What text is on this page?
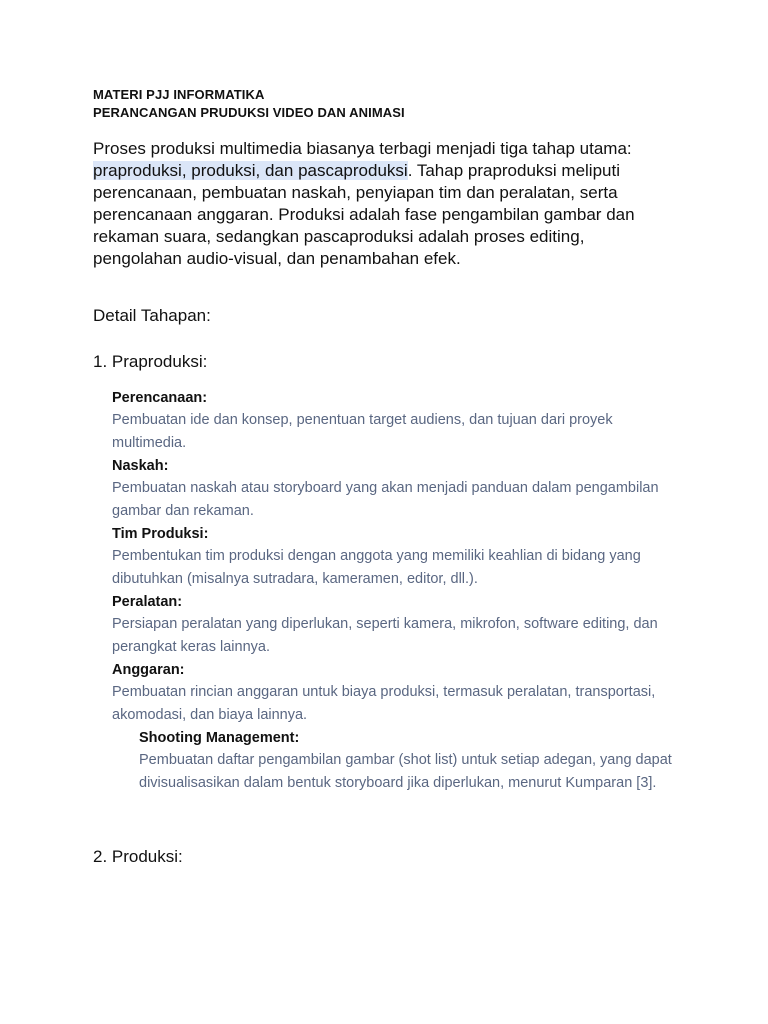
MATERI PJJ INFORMATIKA
PERANCANGAN PRUDUKSI VIDEO DAN ANIMASI
Proses produksi multimedia biasanya terbagi menjadi tiga tahap utama: praproduksi, produksi, dan pascaproduksi. Tahap praproduksi meliputi perencanaan, pembuatan naskah, penyiapan tim dan peralatan, serta perencanaan anggaran. Produksi adalah fase pengambilan gambar dan rekaman suara, sedangkan pascaproduksi adalah proses editing, pengolahan audio-visual, dan penambahan efek.
Detail Tahapan:
1. Praproduksi:
Perencanaan:
Pembuatan ide dan konsep, penentuan target audiens, dan tujuan dari proyek multimedia.
Naskah:
Pembuatan naskah atau storyboard yang akan menjadi panduan dalam pengambilan gambar dan rekaman.
Tim Produksi:
Pembentukan tim produksi dengan anggota yang memiliki keahlian di bidang yang dibutuhkan (misalnya sutradara, kameramen, editor, dll.).
Peralatan:
Persiapan peralatan yang diperlukan, seperti kamera, mikrofon, software editing, dan perangkat keras lainnya.
Anggaran:
Pembuatan rincian anggaran untuk biaya produksi, termasuk peralatan, transportasi, akomodasi, dan biaya lainnya.
Shooting Management:
Pembuatan daftar pengambilan gambar (shot list) untuk setiap adegan, yang dapat divisualisasikan dalam bentuk storyboard jika diperlukan, menurut Kumparan [3].
2. Produksi:
